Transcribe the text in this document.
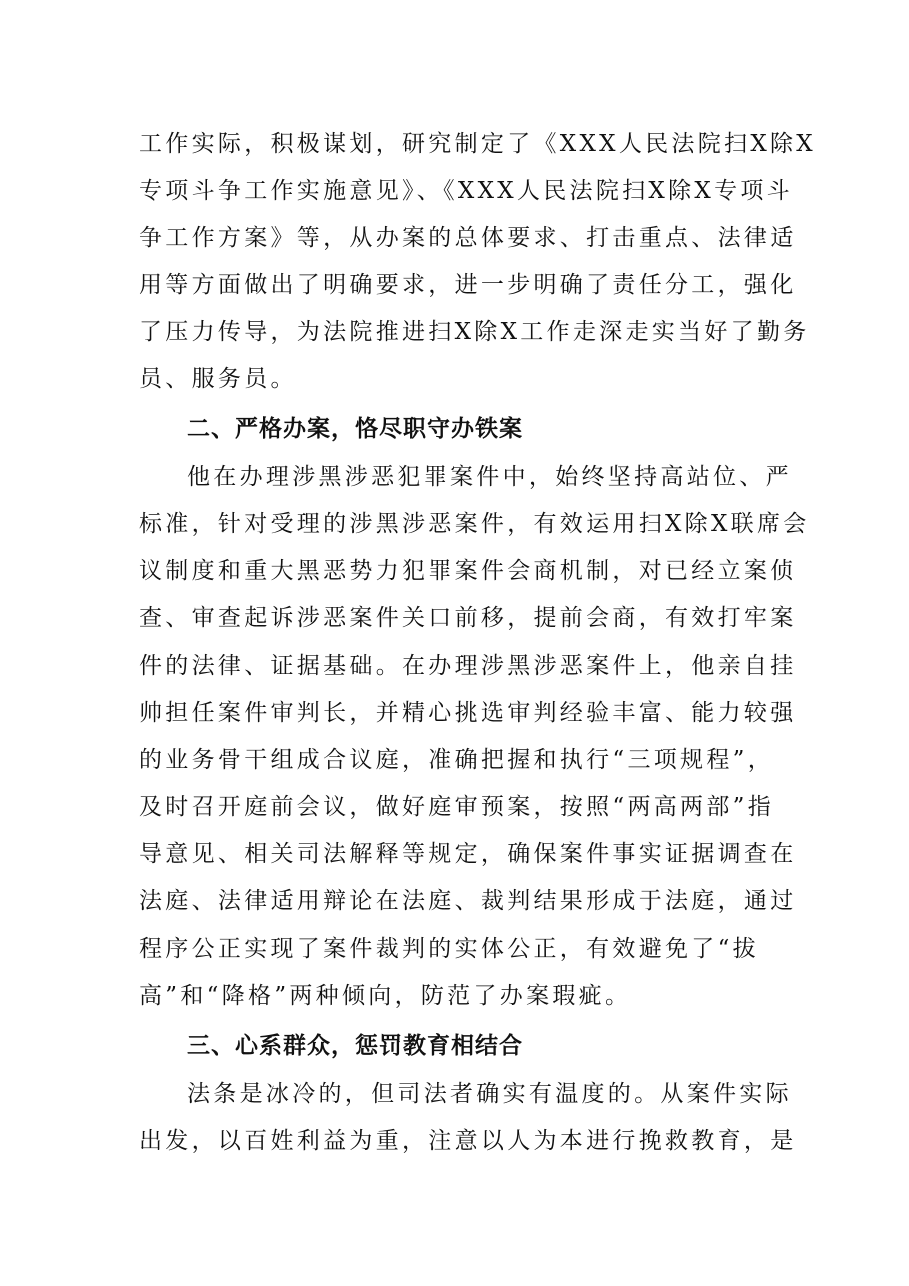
工作实际，积极谋划，研究制定了《XXX人民法院扫X除X
专项斗争工作实施意见》、《XXX人民法院扫X除X专项斗
争工作方案》等，从办案的总体要求、打击重点、法律适
用等方面做出了明确要求，进一步明确了责任分工，强化
了压力传导，为法院推进扫X除X工作走深走实当好了勤务
员、服务员。
二、严格办案，恪尽职守办铁案
他在办理涉黑涉恶犯罪案件中，始终坚持高站位、严
标准，针对受理的涉黑涉恶案件，有效运用扫X除X联席会
议制度和重大黑恶势力犯罪案件会商机制，对已经立案侦
查、审查起诉涉恶案件关口前移，提前会商，有效打牢案
件的法律、证据基础。在办理涉黑涉恶案件上，他亲自挂
帅担任案件审判长，并精心挑选审判经验丰富、能力较强
的业务骨干组成合议庭，准确把握和执行“三项规程”，
及时召开庭前会议，做好庭审预案，按照“两高两部”指
导意见、相关司法解释等规定，确保案件事实证据调查在
法庭、法律适用辩论在法庭、裁判结果形成于法庭，通过
程序公正实现了案件裁判的实体公正，有效避免了“拔
高”和“降格”两种倾向，防范了办案瑕疵。
三、心系群众，惩罚教育相结合
法条是冰冷的，但司法者确实有温度的。从案件实际
出发，以百姓利益为重，注意以人为本进行挽救教育，是
